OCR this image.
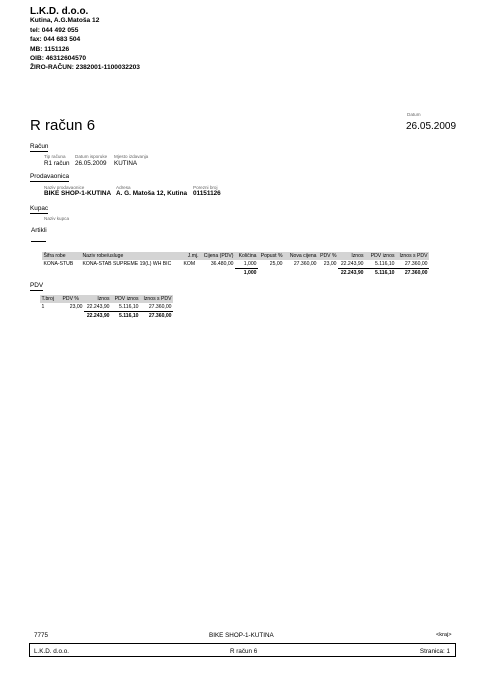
L.K.D. d.o.o.
Kutina, A.G.Matoša 12
tel: 044 492 055
fax: 044 683 504
MB: 1151126
OIB: 46312604570
ŽIRO-RAČUN: 2382001-1100032203
R račun 6
Datum
26.05.2009
Račun
Tip računa
R1 račun
Datum isporuke
26.05.2009
Mjesto izdavanja
KUTINA
Prodavaonica
Naziv prodavaonice
BIKE SHOP-1-KUTINA
Adresa
A. G. Matoša 12, Kutina
Porezni broj
01151126
Kupac
Naziv kupca
Artikli
Šifra robe	Naziv robe/usluge	J.mj.	Cijena (PDV)	Količina	Popust %	Nova cijena	PDV %	Iznos	PDV iznos	Iznos s PDV
KONA-STUB	KONA-STAB SUPREME 19(L) WH BIC	KOM	36.480,00	1,000	25,00	27.360,00	23,00	22.243,90	5.116,10	27.360,00
				1,000				22.243,90	5.116,10	27.360,00
PDV
T.broj	PDV %	Iznos	PDV iznos	Iznos s PDV
1	23,00	22.243,90	5.116,10	27.360,00
		22.243,90	5.116,10	27.360,00
7775	BIKE SHOP-1-KUTINA	<kraj>
L.K.D. d.o.o.	R račun 6	Stranica: 1
